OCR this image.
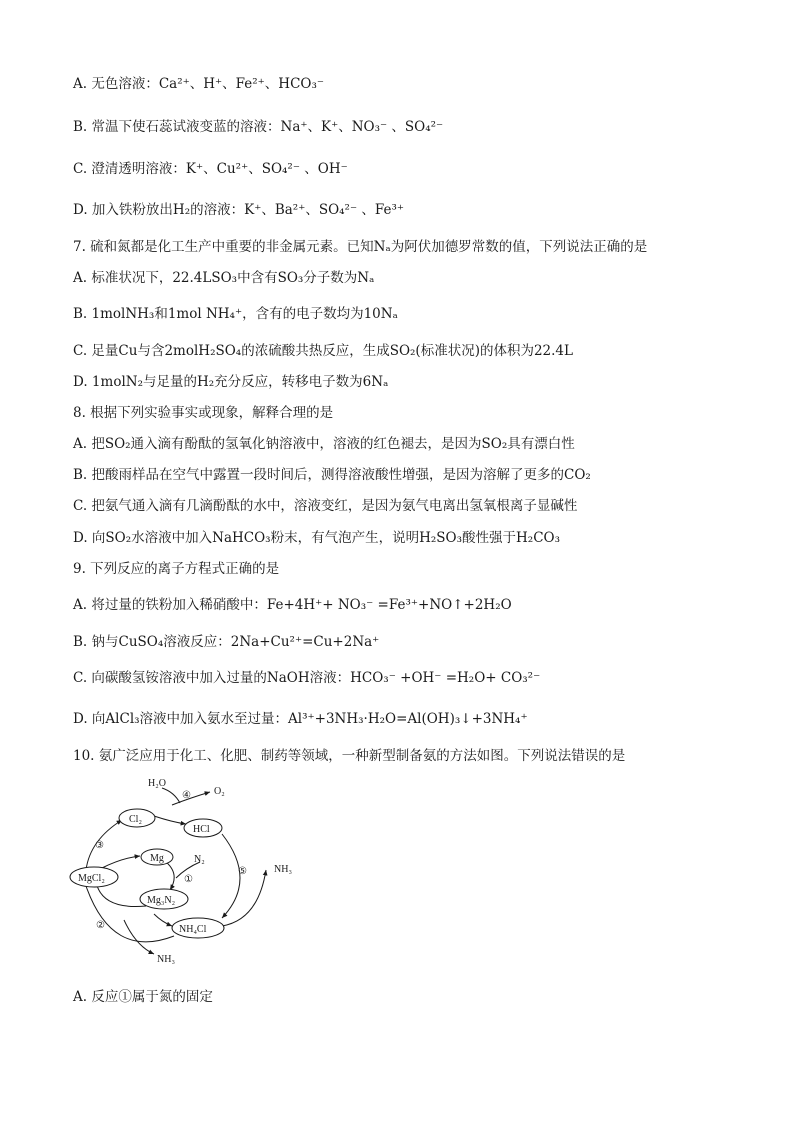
A. 无色溶液：Ca²⁺、H⁺、Fe²⁺、HCO₃⁻
B. 常温下使石蕊试液变蓝的溶液：Na⁺、K⁺、NO₃⁻ 、SO₄²⁻
C. 澄清透明溶液：K⁺、Cu²⁺、SO₄²⁻ 、OH⁻
D. 加入铁粉放出H₂的溶液：K⁺、Ba²⁺、SO₄²⁻ 、Fe³⁺
7. 硫和氮都是化工生产中重要的非金属元素。已知Nₐ为阿伏加德罗常数的值，下列说法正确的是
A. 标准状况下，22.4LSO₃中含有SO₃分子数为Nₐ
B. 1molNH₃和1mol NH₄⁺，含有的电子数均为10Nₐ
C. 足量Cu与含2molH₂SO₄的浓硫酸共热反应，生成SO₂(标准状况)的体积为22.4L
D. 1molN₂与足量的H₂充分反应，转移电子数为6Nₐ
8. 根据下列实验事实或现象，解释合理的是
A. 把SO₂通入滴有酚酞的氢氧化钠溶液中，溶液的红色褪去，是因为SO₂具有漂白性
B. 把酸雨样品在空气中露置一段时间后，测得溶液酸性增强，是因为溶解了更多的CO₂
C. 把氨气通入滴有几滴酚酞的水中，溶液变红，是因为氨气电离出氢氧根离子显碱性
D. 向SO₂水溶液中加入NaHCO₃粉末，有气泡产生，说明H₂SO₃酸性强于H₂CO₃
9. 下列反应的离子方程式正确的是
A. 将过量的铁粉加入稀硝酸中：Fe+4H⁺+ NO₃⁻ =Fe³⁺+NO↑+2H₂O
B. 钠与CuSO₄溶液反应：2Na+Cu²⁺=Cu+2Na⁺
C. 向碳酸氢铵溶液中加入过量的NaOH溶液：HCO₃⁻ +OH⁻ =H₂O+ CO₃²⁻
D. 向AlCl₃溶液中加入氨水至过量：Al³⁺+3NH₃·H₂O=Al(OH)₃↓+3NH₄⁺
10. 氨广泛应用于化工、化肥、制药等领域，一种新型制备氨的方法如图。下列说法错误的是
A. 反应①属于氮的固定
H₂O
O₂
④
Cl₂
HCl
③
Mg	N₂
⑤	NH₃
MgCl₂	①
Mg₃N₂
②	NH₄Cl
NH₃
